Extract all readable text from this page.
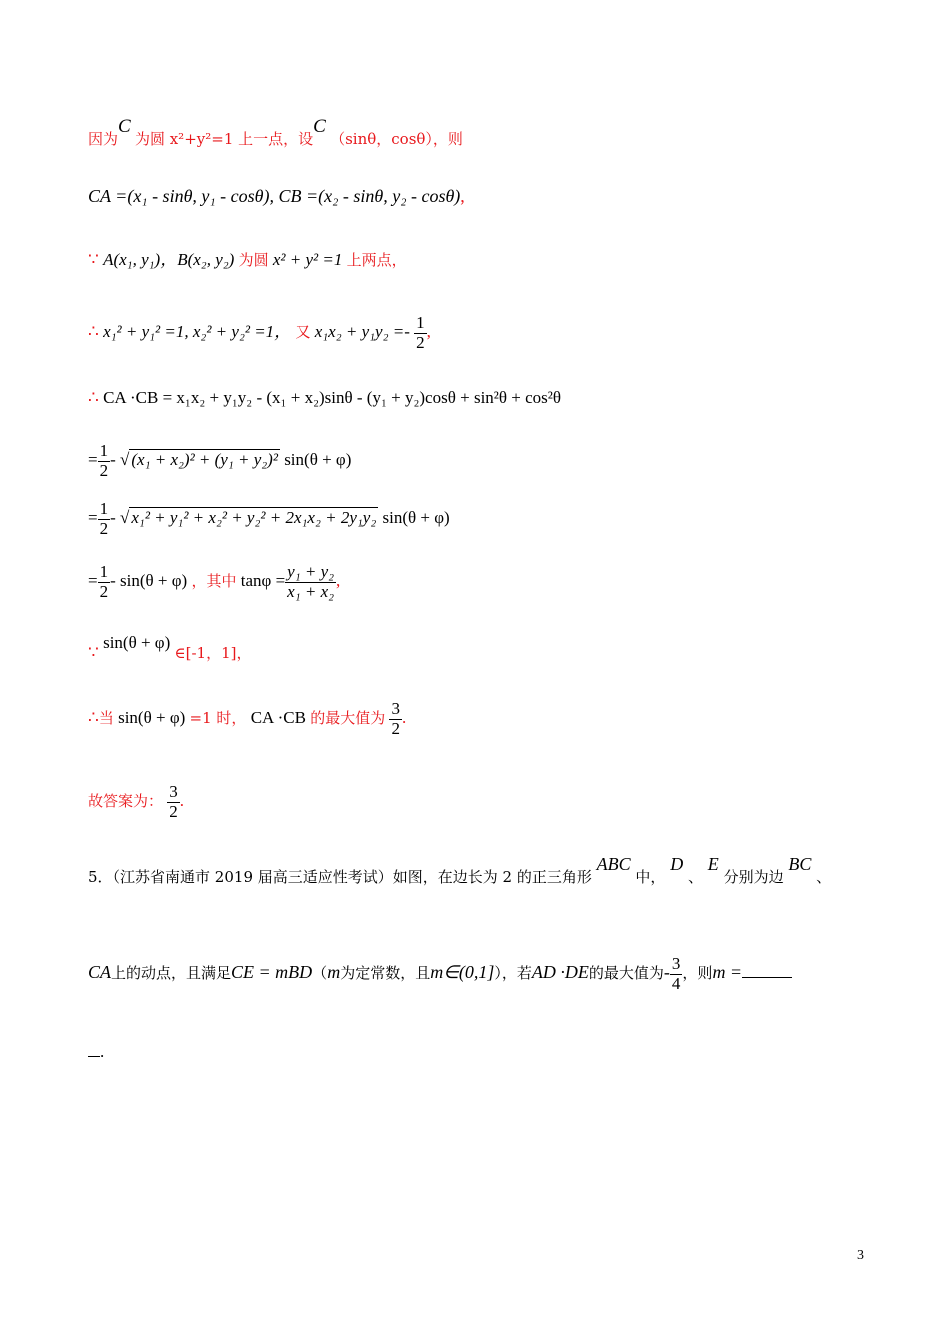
因为C 为圆 x²+y²=1 上一点，设C （sinθ，cosθ），则
CA =(x₁ - sinθ, y₁ - cosθ), CB =(x₂ - sinθ, y₂ - cosθ),
∵ A(x₁, y₁)，B(x₂, y₂) 为圆 x² + y² =1 上两点，
∴ x₁² + y₁² =1, x₂² + y₂² =1， 又 $x_1x_2 + y_1y_2 =- \frac{1}{2}$ ,
∴ CA ·CB = x₁x₂ + y₁y₂ - (x₁ + x₂)sinθ - (y₁ + y₂)cosθ + sin²θ + cos²θ
= $\frac{1}{2}$ - √ (x₁ + x₂)² + (y₁ + y₂)² sin(θ + φ)
= $\frac{1}{2}$ - √ x₁² + y₁² + x₂² + y₂² + 2x₁x₂ + 2y₁y₂ sin(θ + φ)
= $\frac{1}{2} - \sin(\theta + \varphi)$ ，其中 $\tan\varphi = \frac{\text{y₁ + y₂}}{\text{x₁ + x₂}}$ ,
∵ sin(θ + φ) ∈[-1，1]，
∴当 sin(θ + φ) =1 时， CA ·CB 的最大值为 $\frac{3}{2}$ .
故答案为： $\frac{3}{2}$ .
5．（江苏省南通市 2019 届高三适应性考试）如图，在边长为 2 的正三角形 ABC 中， D 、 E 分别为边 BC 、
CA上的动点，且满足CE = mBD（m为定常数，且m∈(0,1]），若AD ·DE的最大值为- $\frac{3}{4}$ ，则m =
.
3
